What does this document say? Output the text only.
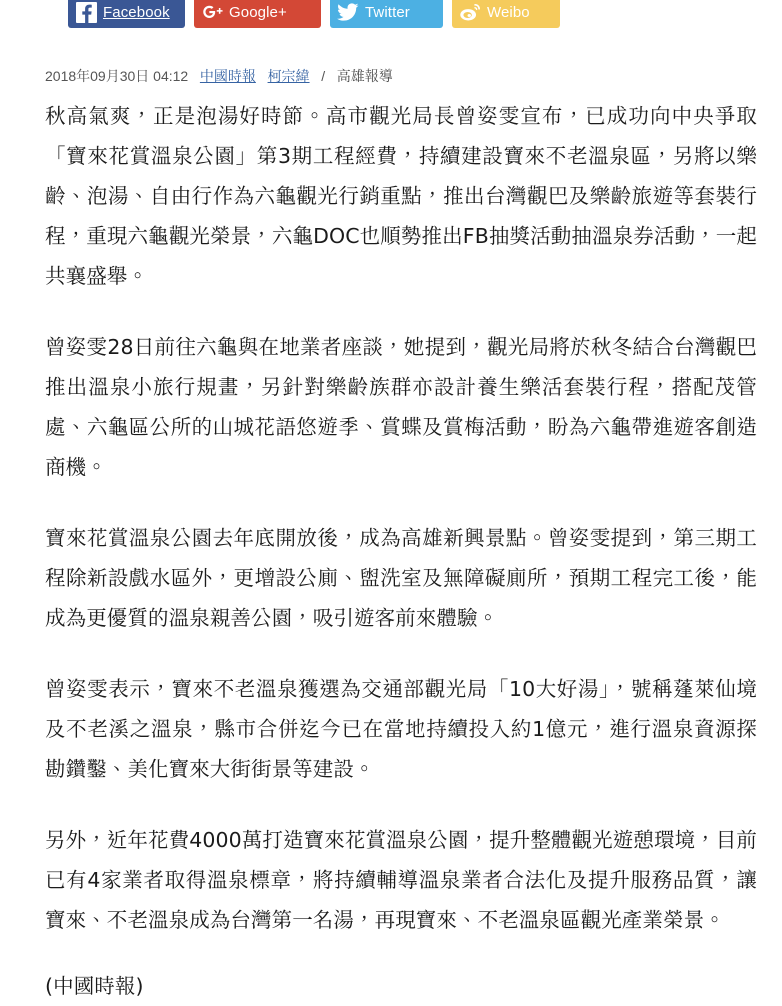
Facebook	Google+	Twitter	Weibo
2018年09月30日 04:12 中國時報 柯宗緯 / 高雄報導

秋高氣爽，正是泡湯好時節。高市觀光局長曾姿雯宣布，已成功向中央爭取「寶來花賞溫泉公園」第3期工程經費，持續建設寶來不老溫泉區，另將以樂齡、泡湯、自由行作為六龜觀光行銷重點，推出台灣觀巴及樂齡旅遊等套裝行程，重現六龜觀光榮景，六龜DOC也順勢推出FB抽獎活動抽溫泉券活動，一起共襄盛舉。

曾姿雯28日前往六龜與在地業者座談，她提到，觀光局將於秋冬結合台灣觀巴推出溫泉小旅行規畫，另針對樂齡族群亦設計養生樂活套裝行程，搭配茂管處、六龜區公所的山城花語悠遊季、賞蝶及賞梅活動，盼為六龜帶進遊客創造商機。

寶來花賞溫泉公園去年底開放後，成為高雄新興景點。曾姿雯提到，第三期工程除新設戲水區外，更增設公廁、盥洗室及無障礙廁所，預期工程完工後，能成為更優質的溫泉親善公園，吸引遊客前來體驗。

曾姿雯表示，寶來不老溫泉獲選為交通部觀光局「10大好湯」，號稱蓬萊仙境及不老溪之溫泉，縣市合併迄今已在當地持續投入約1億元，進行溫泉資源探勘鑽鑿、美化寶來大街街景等建設。

另外，近年花費4000萬打造寶來花賞溫泉公園，提升整體觀光遊憩環境，目前已有4家業者取得溫泉標章，將持續輔導溫泉業者合法化及提升服務品質，讓寶來、不老溫泉成為台灣第一名湯，再現寶來、不老溫泉區觀光產業榮景。

(中國時報)
